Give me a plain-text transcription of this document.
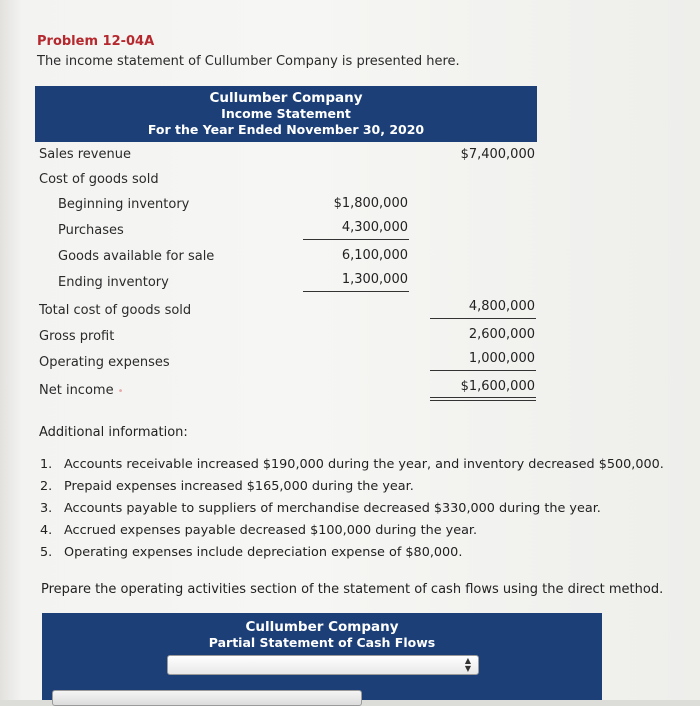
Problem 12-04A
The income statement of Cullumber Company is presented here.
Cullumber Company
Income Statement
For the Year Ended November 30, 2020
Sales revenue	$7,400,000
Cost of goods sold
Beginning inventory	$1,800,000
Purchases	4,300,000
Goods available for sale	6,100,000
Ending inventory	1,300,000
Total cost of goods sold	4,800,000
Gross profit	2,600,000
Operating expenses	1,000,000
Net income •	$1,600,000
Additional information:
1. Accounts receivable increased $190,000 during the year, and inventory decreased $500,000.
2. Prepaid expenses increased $165,000 during the year.
3. Accounts payable to suppliers of merchandise decreased $330,000 during the year.
4. Accrued expenses payable decreased $100,000 during the year.
5. Operating expenses include depreciation expense of $80,000.
Prepare the operating activities section of the statement of cash flows using the direct method.
Cullumber Company
Partial Statement of Cash Flows
▲
▼
